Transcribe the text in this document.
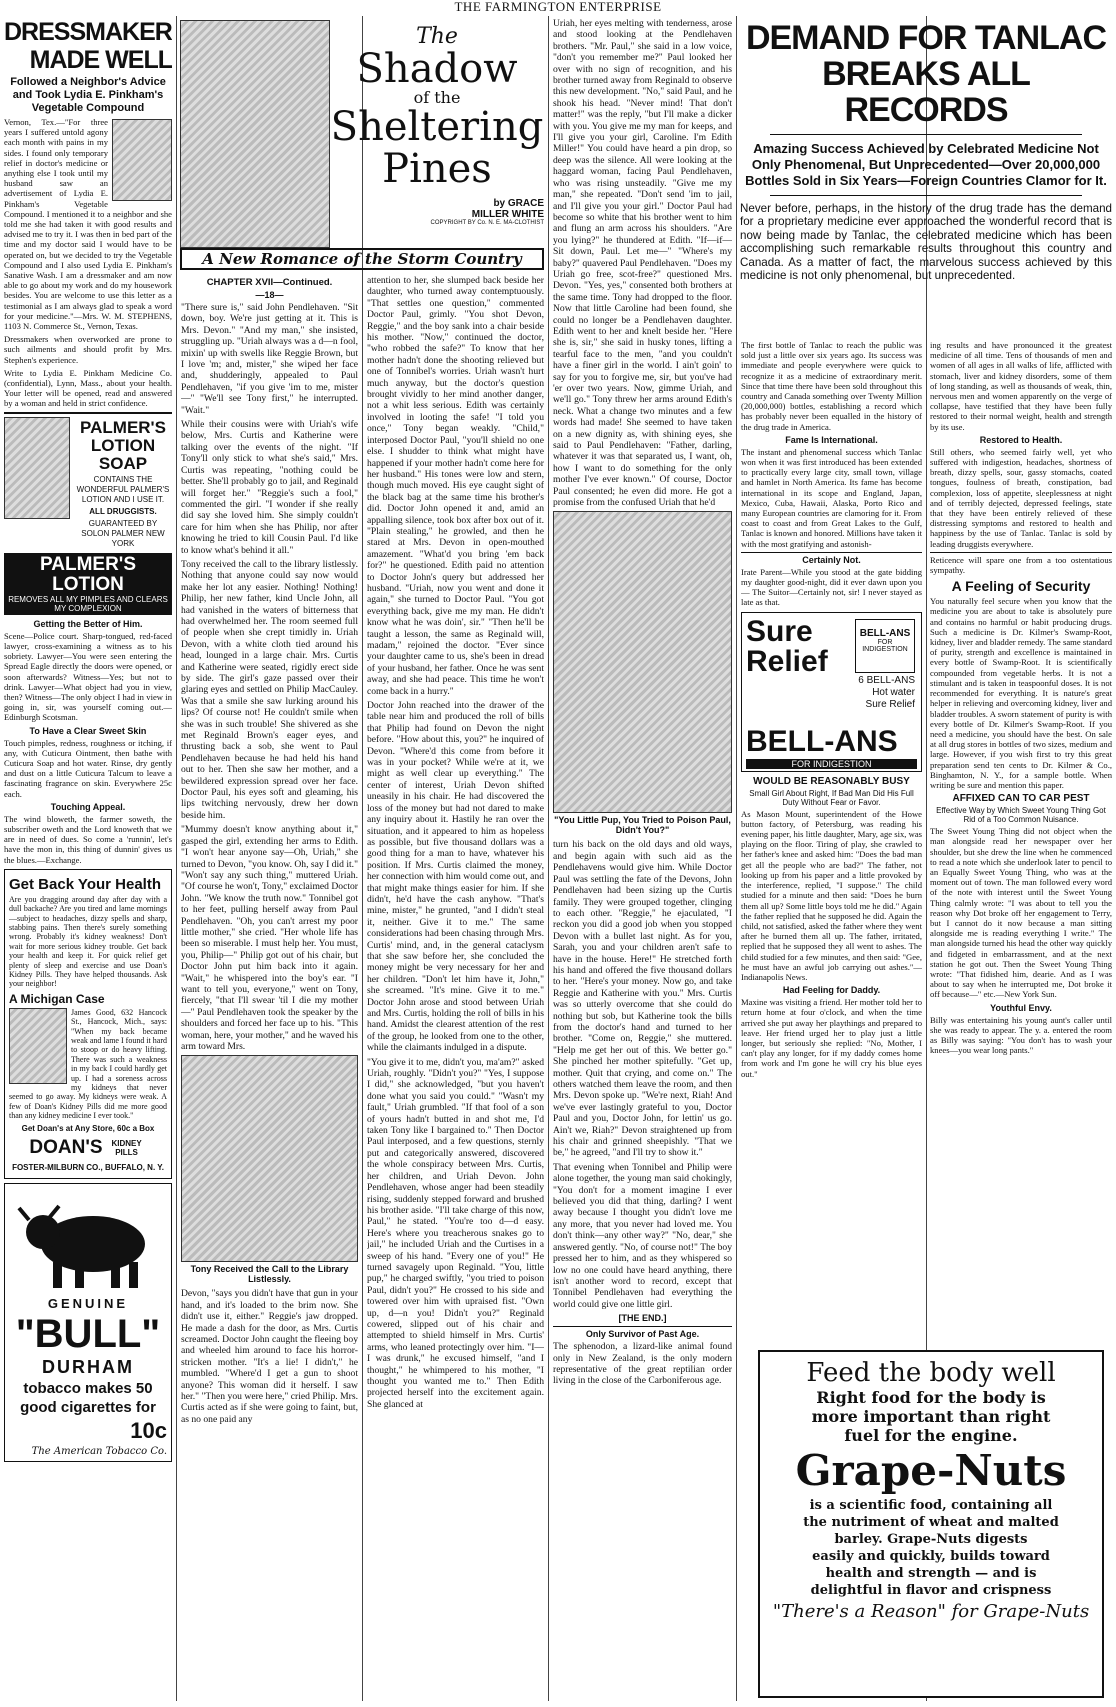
THE FARMINGTON ENTERPRISE
DRESSMAKER
MADE WELL
Followed a Neighbor's Advice and Took Lydia E. Pinkham's Vegetable Compound

Vernon, Tex.—"For three years I suffered untold agony each month with pains in my sides. I found only temporary relief in doctor's medicine or anything else I took until my husband saw an advertisement of Lydia E. Pinkham's Vegetable Compound. I mentioned it to a neighbor and she told me she had taken it with good results and advised me to try it. I was then in bed part of the time and my doctor said I would have to be operated on, but we decided to try the Vegetable Compound and I also used Lydia E. Pinkham's Sanative Wash. I am a dressmaker and am now able to go about my work and do my housework besides. You are welcome to use this letter as a testimonial as I am always glad to speak a word for your medicine."—Mrs. W. M. STEPHENS, 1103 N. Commerce St., Vernon, Texas.

Dressmakers when overworked are prone to such ailments and should profit by Mrs. Stephen's experience.

Write to Lydia E. Pinkham Medicine Co. (confidential), Lynn, Mass., about your health. Your letter will be opened, read and answered by a woman and held in strict confidence.

PALMER'S LOTION SOAP
CONTAINS THE WONDERFUL PALMER'S LOTION AND I USE IT.
ALL DRUGGISTS.
GUARANTEED BY SOLON PALMER NEW YORK
PALMER'S LOTION
REMOVES ALL MY PIMPLES AND CLEARS MY COMPLEXION
Getting the Better of Him.

Scene—Police court. Sharp-tongued, red-faced lawyer, cross-examining a witness as to his sobriety. Lawyer—You were seen entering the Spread Eagle directly the doors were opened, or soon afterwards? Witness—Yes; but not to drink. Lawyer—What object had you in view, then? Witness—The only object I had in view in going in, sir, was yourself coming out.—Edinburgh Scotsman.

To Have a Clear Sweet Skin

Touch pimples, redness, roughness or itching, if any, with Cuticura Ointment, then bathe with Cuticura Soap and hot water. Rinse, dry gently and dust on a little Cuticura Talcum to leave a fascinating fragrance on skin. Everywhere 25c each.

Touching Appeal.

The wind bloweth, the farmer soweth, the subscriber oweth and the Lord knoweth that we are in need of dues. So come a 'runnin', let's have the mon in, this thing of dunnin' gives us the blues.—Exchange.

Get Back Your Health

Are you dragging around day after day with a dull backache? Are you tired and lame mornings—subject to headaches, dizzy spells and sharp, stabbing pains. Then there's surely something wrong. Probably it's kidney weakness! Don't wait for more serious kidney trouble. Get back your health and keep it. For quick relief get plenty of sleep and exercise and use Doan's Kidney Pills. They have helped thousands. Ask your neighbor!

A Michigan Case

James Good, 632 Hancock St., Hancock, Mich., says: "When my back became weak and lame I found it hard to stoop or do heavy lifting. There was such a weakness in my back I could hardly get up. I had a soreness across my kidneys that never seemed to go away. My kidneys were weak. A few of Doan's Kidney Pills did me more good than any kidney medicine I ever took."

Get Doan's at Any Store, 60c a Box
DOAN'S	KIDNEY PILLS
FOSTER-MILBURN CO., BUFFALO, N. Y.
GENUINE
"BULL"
DURHAM
tobacco makes 50
good cigarettes for
10c
The American Tobacco Co.
The
Shadow
of the
Sheltering
Pines
by GRACE MILLER WHITE
COPYRIGHT BY Co. N. E. MA-CLOTHIST
A New Romance of the Storm Country
CHAPTER XVII—Continued.
—18—

"There sure is," said John Pendlehaven. "Sit down, boy. We're just getting at it. This is Mrs. Devon." "And my man," she insisted, struggling up. "Uriah always was a d—n fool, mixin' up with swells like Reggie Brown, but I love 'm; and, mister," she wiped her face and, shudderingly, appealed to Paul Pendlehaven, "if you give 'im to me, mister—" "We'll see Tony first," he interrupted. "Wait."

While their cousins were with Uriah's wife below, Mrs. Curtis and Katherine were talking over the events of the night. "If Tony'll only stick to what she's said," Mrs. Curtis was repeating, "nothing could be better. She'll probably go to jail, and Reginald will forget her." "Reggie's such a fool," commented the girl. "I wonder if she really did say she loved him. She simply couldn't care for him when she has Philip, nor after knowing he tried to kill Cousin Paul. I'd like to know what's behind it all."

Tony received the call to the library listlessly. Nothing that anyone could say now would make her lot any easier. Nothing! Nothing! Philip, her new father, kind Uncle John, all had vanished in the waters of bitterness that had overwhelmed her. The room seemed full of people when she crept timidly in. Uriah Devon, with a white cloth tied around his head, lounged in a large chair. Mrs. Curtis and Katherine were seated, rigidly erect side by side. The girl's gaze passed over their glaring eyes and settled on Philip MacCauley. Was that a smile she saw lurking around his lips? Of course not! He couldn't smile when she was in such trouble! She shivered as she met Reginald Brown's eager eyes, and thrusting back a sob, she went to Paul Pendlehaven because he had held his hand out to her. Then she saw her mother, and a bewildered expression spread over her face. Doctor Paul, his eyes soft and gleaming, his lips twitching nervously, drew her down beside him.

"Mummy doesn't know anything about it," gasped the girl, extending her arms to Edith. "I won't hear anyone say—Oh, Uriah," she turned to Devon, "you know. Oh, say I did it." "Won't say any such thing," muttered Uriah. "Of course he won't, Tony," exclaimed Doctor John. "We know the truth now." Tonnibel got to her feet, pulling herself away from Paul Pendlehaven. "Oh, you can't arrest my poor little mother," she cried. "Her whole life has been so miserable. I must help her. You must, you, Philip—" Philip got out of his chair, but Doctor John put him back into it again. "Wait," he whispered into the boy's ear. "I want to tell you, everyone," went on Tony, fiercely, "that I'll swear 'til I die my mother—" Paul Pendlehaven took the speaker by the shoulders and forced her face up to his. "This woman, here, your mother," and he waved his arm toward Mrs.

Tony Received the Call to the Library Listlessly.

Devon, "says you didn't have that gun in your hand, and it's loaded to the brim now. She didn't use it, either." Reggie's jaw dropped. He made a dash for the door, as Mrs. Curtis screamed. Doctor John caught the fleeing boy and wheeled him around to face his horror-stricken mother. "It's a lie! I didn't," he mumbled. "Where'd I get a gun to shoot anyone? This woman did it herself. I saw her." "Then you were here," cried Philip. Mrs. Curtis acted as if she were going to faint, but, as no one paid any

attention to her, she slumped back beside her daughter, who turned away contemptuously. "That settles one question," commented Doctor Paul, grimly. "You shot Devon, Reggie," and the boy sank into a chair beside his mother. "Now," continued the doctor, "who robbed the safe?" To know that her mother hadn't done the shooting relieved but one of Tonnibel's worries. Uriah wasn't hurt much anyway, but the doctor's question brought vividly to her mind another danger, not a whit less serious. Edith was certainly involved in looting the safe! "I told you once," Tony began weakly. "Child," interposed Doctor Paul, "you'll shield no one else. I shudder to think what might have happened if your mother hadn't come here for her husband." His tones were low and stern, though much moved. His eye caught sight of the black bag at the same time his brother's did. Doctor John opened it and, amid an appalling silence, took box after box out of it. "Plain stealing," he growled, and then he stared at Mrs. Devon in open-mouthed amazement. "What'd you bring 'em back for?" he questioned. Edith paid no attention to Doctor John's query but addressed her husband. "Uriah, now you went and done it again," she turned to Doctor Paul. "You got everything back, give me my man. He didn't know what he was doin', sir." "Then he'll be taught a lesson, the same as Reginald will, madam," rejoined the doctor. "Ever since your daughter came to us, she's been in dread of your husband, her father. Once he was sent away, and she had peace. This time he won't come back in a hurry."

Doctor John reached into the drawer of the table near him and produced the roll of bills that Philip had found on Devon the night before. "How about this, you?" he inquired of Devon. "Where'd this come from before it was in your pocket? While we're at it, we might as well clear up everything." The center of interest, Uriah Devon shifted uneasily in his chair. He had discovered the loss of the money but had not dared to make any inquiry about it. Hastily he ran over the situation, and it appeared to him as hopeless as possible, but five thousand dollars was a good thing for a man to have, whatever his position. If Mrs. Curtis claimed the money, her connection with him would come out, and that might make things easier for him. If she didn't, he'd have the cash anyhow. "That's mine, mister," he grunted, "and I didn't steal it, neither. Give it to me." The same considerations had been chasing through Mrs. Curtis' mind, and, in the general cataclysm that she saw before her, she concluded the money might be very necessary for her and her children. "Don't let him have it, John," she screamed. "It's mine. Give it to me." Doctor John arose and stood between Uriah and Mrs. Curtis, holding the roll of bills in his hand. Amidst the clearest attention of the rest of the group, he looked from one to the other, while the claimants indulged in a dispute.

"You give it to me, didn't you, ma'am?" asked Uriah, roughly. "Didn't you?" "Yes, I suppose I did," she acknowledged, "but you haven't done what you said you could." "Wasn't my fault," Uriah grumbled. "If that fool of a son of yours hadn't butted in and shot me, I'd taken Tony like I bargained to." Then Doctor Paul interposed, and a few questions, sternly put and categorically answered, discovered the whole conspiracy between Mrs. Curtis, her children, and Uriah Devon. John Pendlehaven, whose anger had been steadily rising, suddenly stepped forward and brushed his brother aside. "I'll take charge of this now, Paul," he stated. "You're too d—d easy. Here's where you treacherous snakes go to jail," he included Uriah and the Curtises in a sweep of his hand. "Every one of you!" He turned savagely upon Reginald. "You, little pup," he charged swiftly, "you tried to poison Paul, didn't you?" He crossed to his side and towered over him with upraised fist. "Own up, d—n you! Didn't you?" Reginald cowered, slipped out of his chair and attempted to shield himself in Mrs. Curtis' arms, who leaned protectingly over him. "I—I was drunk," he excused himself, "and I thought," he whimpered to his mother, "I thought you wanted me to." Then Edith projected herself into the excitement again. She glanced at

Uriah, her eyes melting with tenderness, arose and stood looking at the Pendlehaven brothers. "Mr. Paul," she said in a low voice, "don't you remember me?" Paul looked her over with no sign of recognition, and his brother turned away from Reginald to observe this new development. "No," said Paul, and he shook his head. "Never mind! That don't matter!" was the reply, "but I'll make a dicker with you. You give me my man for keeps, and I'll give you your girl, Caroline. I'm Edith Miller!" You could have heard a pin drop, so deep was the silence. All were looking at the haggard woman, facing Paul Pendlehaven, who was rising unsteadily. "Give me my man," she repeated. "Don't send 'im to jail, and I'll give you your girl." Doctor Paul had become so white that his brother went to him and flung an arm across his shoulders. "Are you lying?" he thundered at Edith. "If—if— Sit down, Paul. Let me—" "Where's my baby?" quavered Paul Pendlehaven. "Does my Uriah go free, scot-free?" questioned Mrs. Devon. "Yes, yes," consented both brothers at the same time. Tony had dropped to the floor. Now that little Caroline had been found, she could no longer be a Pendlehaven daughter. Edith went to her and knelt beside her. "Here she is, sir," she said in husky tones, lifting a tearful face to the men, "and you couldn't have a finer girl in the world. I ain't goin' to say for you to forgive me, sir, but you've had 'er over two years. Now, gimme Uriah, and we'll go." Tony threw her arms around Edith's neck. What a change two minutes and a few words had made! She seemed to have taken on a new dignity as, with shining eyes, she said to Paul Pendlehaven: "Father, darling, whatever it was that separated us, I want, oh, how I want to do something for the only mother I've ever known." Of course, Doctor Paul consented; he even did more. He got a promise from the confused Uriah that he'd

"You Little Pup, You Tried to Poison Paul, Didn't You?"

turn his back on the old days and old ways, and begin again with such aid as the Pendlehavens would give him. While Doctor Paul was settling the fate of the Devons, John Pendlehaven had been sizing up the Curtis family. They were grouped together, clinging to each other. "Reggie," he ejaculated, "I reckon you did a good job when you stopped Devon with a bullet last night. As for you, Sarah, you and your children aren't safe to have in the house. Here!" He stretched forth his hand and offered the five thousand dollars to her. "Here's your money. Now go, and take Reggie and Katherine with you." Mrs. Curtis was so utterly overcome that she could do nothing but sob, but Katherine took the bills from the doctor's hand and turned to her brother. "Come on, Reggie," she muttered. "Help me get her out of this. We better go." She pinched her mother spitefully. "Get up, mother. Quit that crying, and come on." The others watched them leave the room, and then Mrs. Devon spoke up. "We're next, Riah! And we've ever lastingly grateful to you, Doctor Paul and you, Doctor John, for lettin' us go. Ain't we, Riah?" Devon straightened up from his chair and grinned sheepishly. "That we be," he agreed, "and I'll try to show it."

That evening when Tonnibel and Philip were alone together, the young man said chokingly, "You don't for a moment imagine I ever believed you did that thing, darling? I went away because I thought you didn't love me any more, that you never had loved me. You don't think—any other way?" "No, dear," she answered gently. "No, of course not!" The boy pressed her to him, and as they whispered so low no one could have heard anything, there isn't another word to record, except that Tonnibel Pendlehaven had everything the world could give one little girl.

[THE END.]
Only Survivor of Past Age.

The sphenodon, a lizard-like animal found only in New Zealand, is the only modern representative of the great reptilian order living in the close of the Carboniferous age.

DEMAND FOR TANLAC
BREAKS ALL RECORDS
Amazing Success Achieved by Celebrated Medicine Not Only Phenomenal, But Unprecedented—Over 20,000,000 Bottles Sold in Six Years—Foreign Countries Clamor for It.

Never before, perhaps, in the history of the drug trade has the demand for a proprietary medicine ever approached the wonderful record that is now being made by Tanlac, the celebrated medicine which has been accomplishing such remarkable results throughout this country and Canada. As a matter of fact, the marvelous success achieved by this medicine is not only phenomenal, but unprecedented.

The first bottle of Tanlac to reach the public was sold just a little over six years ago. Its success was immediate and people everywhere were quick to recognize it as a medicine of extraordinary merit. Since that time there have been sold throughout this country and Canada something over Twenty Million (20,000,000) bottles, establishing a record which has probably never been equalled in the history of the drug trade in America.

Fame Is International.

The instant and phenomenal success which Tanlac won when it was first introduced has been extended to practically every large city, small town, village and hamlet in North America. Its fame has become international in its scope and England, Japan, Mexico, Cuba, Hawaii, Alaska, Porto Rico and many European countries are clamoring for it. From coast to coast and from Great Lakes to the Gulf, Tanlac is known and honored. Millions have taken it with the most gratifying and astonish-

Certainly Not.

Irate Parent—While you stood at the gate bidding my daughter good-night, did it ever dawn upon you— The Suitor—Certainly not, sir! I never stayed as late as that.

Sure
Relief
BELL-ANS
FOR INDIGESTION
6 BELL-ANS
Hot water
Sure Relief
BELL-ANS
FOR INDIGESTION
WOULD BE REASONABLY BUSY
Small Girl About Right, If Bad Man Did His Full Duty Without Fear or Favor.

As Mason Mount, superintendent of the Howe button factory, of Petersburg, was reading his evening paper, his little daughter, Mary, age six, was playing on the floor. Tiring of play, she crawled to her father's knee and asked him: "Does the bad man get all the people who are bad?" The father, not looking up from his paper and a little provoked by the interference, replied, "I suppose." The child studied for a minute and then said: "Does he burn them all up? Some little boys told me he did." Again the father replied that he supposed he did. Again the child, not satisfied, asked the father where they went after he burned them all up. The father, irritated, replied that he supposed they all went to ashes. The child studied for a few minutes, and then said: "Gee, he must have an awful job carrying out ashes."—Indianapolis News.

Had Feeling for Daddy.

Maxine was visiting a friend. Her mother told her to return home at four o'clock, and when the time arrived she put away her playthings and prepared to leave. Her friend urged her to play just a little longer, but seriously she replied: "No, Mother, I can't play any longer, for if my daddy comes home from work and I'm gone he will cry his blue eyes out."

ing results and have pronounced it the greatest medicine of all time. Tens of thousands of men and women of all ages in all walks of life, afflicted with stomach, liver and kidney disorders, some of them of long standing, as well as thousands of weak, thin, nervous men and women apparently on the verge of collapse, have testified that they have been fully restored to their normal weight, health and strength by its use.

Restored to Health.

Still others, who seemed fairly well, yet who suffered with indigestion, headaches, shortness of breath, dizzy spells, sour, gassy stomachs, coated tongues, foulness of breath, constipation, bad complexion, loss of appetite, sleeplessness at night and of terribly dejected, depressed feelings, state that they have been entirely relieved of these distressing symptoms and restored to health and happiness by the use of Tanlac. Tanlac is sold by leading druggists everywhere.

Reticence will spare one from a too ostentatious sympathy.

A Feeling of Security

You naturally feel secure when you know that the medicine you are about to take is absolutely pure and contains no harmful or habit producing drugs. Such a medicine is Dr. Kilmer's Swamp-Root, kidney, liver and bladder remedy. The same standard of purity, strength and excellence is maintained in every bottle of Swamp-Root. It is scientifically compounded from vegetable herbs. It is not a stimulant and is taken in teaspoonful doses. It is not recommended for everything. It is nature's great helper in relieving and overcoming kidney, liver and bladder troubles. A sworn statement of purity is with every bottle of Dr. Kilmer's Swamp-Root. If you need a medicine, you should have the best. On sale at all drug stores in bottles of two sizes, medium and large. However, if you wish first to try this great preparation send ten cents to Dr. Kilmer & Co., Binghamton, N. Y., for a sample bottle. When writing be sure and mention this paper.

AFFIXED CAN TO CAR PEST
Effective Way by Which Sweet Young Thing Got Rid of a Too Common Nuisance.

The Sweet Young Thing did not object when the man alongside read her newspaper over her shoulder, but she drew the line when he commenced to read a note which she underlook later to pencil to an Equally Sweet Young Thing, who was at the moment out of town. The man followed every word of the note with interest until the Sweet Young Thing calmly wrote: "I was about to tell you the reason why Dot broke off her engagement to Terry, but I cannot do it now because a man sitting alongside me is reading everything I write." The man alongside turned his head the other way quickly and fidgeted in embarrassment, and at the next station he got out. Then the Sweet Young Thing wrote: "That fidished him, dearie. And as I was about to say when he interrupted me, Dot broke it off because—" etc.—New York Sun.

Youthful Envy.

Billy was entertaining his young aunt's caller until she was ready to appear. The y. a. entered the room as Billy was saying: "You don't has to wash your knees—you wear long pants."

Feed the body well
Right food for the body is
more important than right
fuel for the engine.
Grape-Nuts
is a scientific food, containing all
the nutriment of wheat and malted
barley. Grape-Nuts digests
easily and quickly, builds toward
health and strength — and is
delightful in flavor and crispness
"There's a Reason" for Grape-Nuts
